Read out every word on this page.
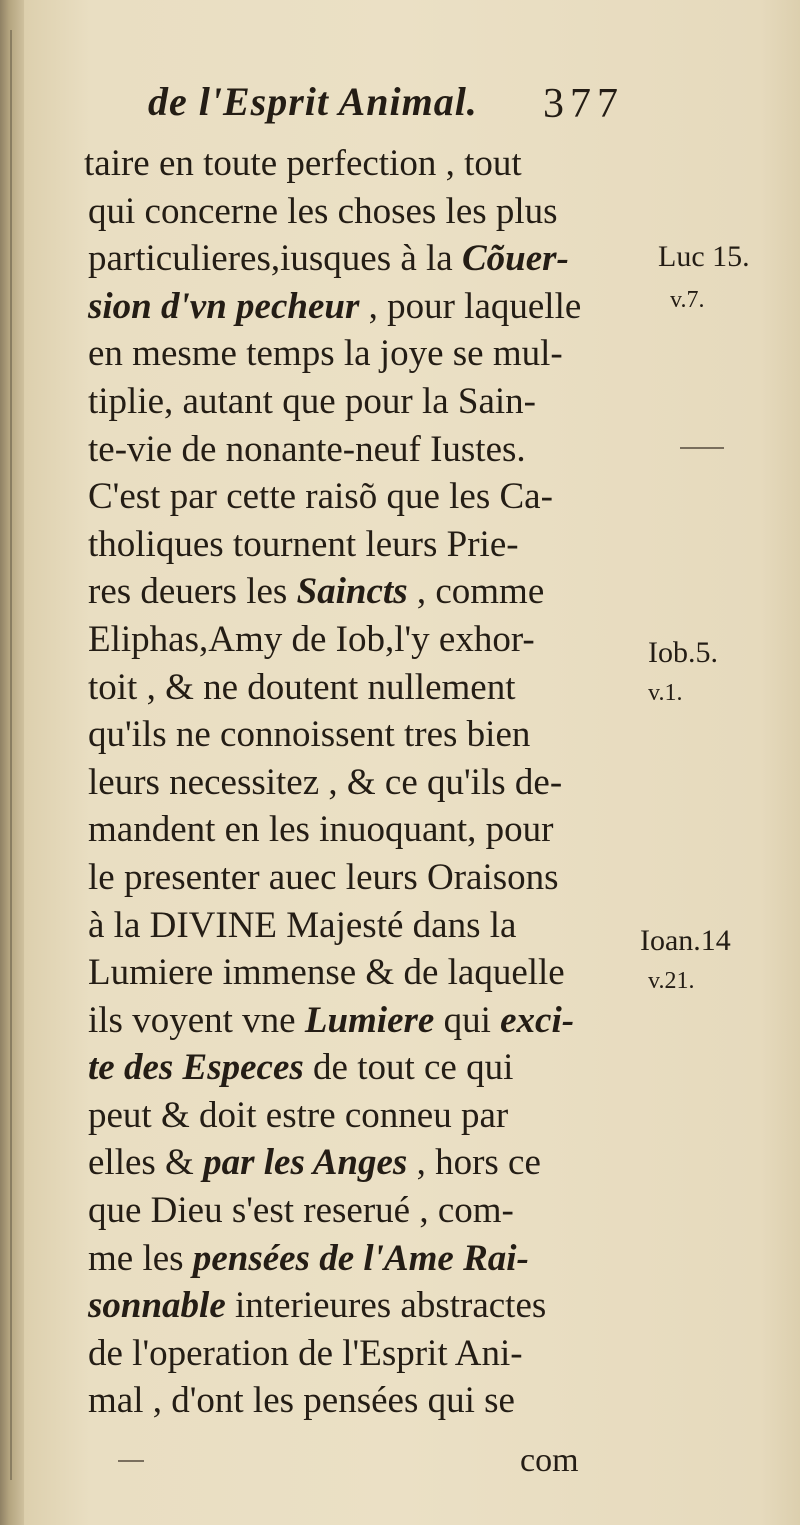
de l'Esprit Animal. 377
taire en toute perfection , tout
qui concerne les choses les plus
particulieres,iusques à la Cõuer-
sion d'vn pecheur , pour laquelle
en mesme temps la joye se mul-
tiplie, autant que pour la Sain-
te-vie de nonante-neuf Iustes.
C'est par cette raisõ que les Ca-
tholiques tournent leurs Prie-
res deuers les Saincts , comme
Eliphas,Amy de Iob,l'y exhor-
toit , & ne doutent nullement
qu'ils ne connoissent tres bien
leurs necessitez , & ce qu'ils de-
mandent en les inuoquant, pour
le presenter auec leurs Oraisons
à la DIVINE Majesté dans la
Lumiere immense & de laquelle
ils voyent vne Lumiere qui exci-
te des Especes de tout ce qui
peut & doit estre conneu par
elles & par les Anges , hors ce
que Dieu s'est reserué , com-
me les pensées de l'Ame Rai-
sonnable interieures abstractes
de l'operation de l'Esprit Ani-
mal , d'ont les pensées qui se
Luc 15.
v.7.
Iob.5.
v.1.
Ioan.14
v.21.
com
